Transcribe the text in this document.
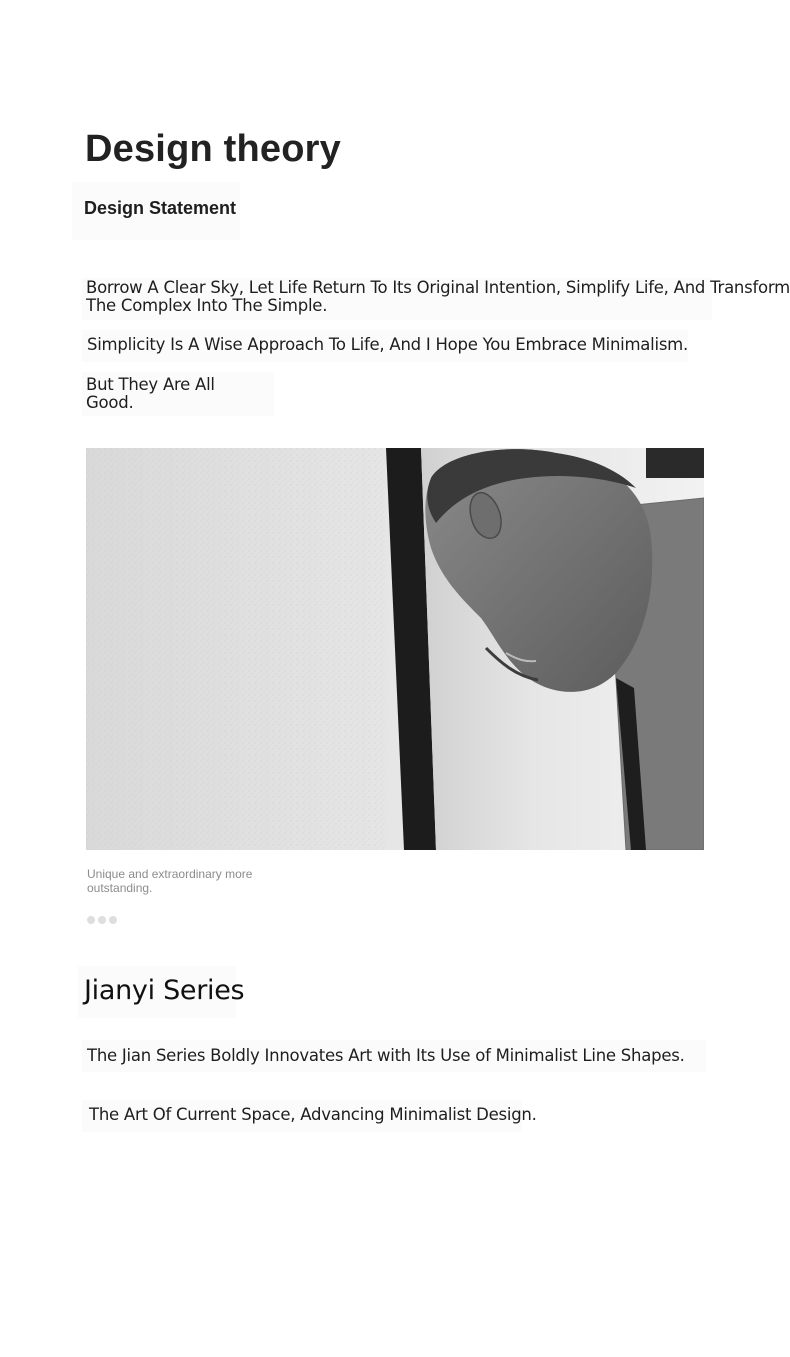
Design theory
Design Statement
Borrow A Clear Sky, Let Life Return To Its Original Intention, Simplify Life, And Transform The Complex Into The Simple.
Simplicity Is A Wise Approach To Life, And I Hope You Embrace Minimalism.
But They Are All Good.
Unique and extraordinary more outstanding.
Jianyi Series
The Jian Series Boldly Innovates Art with Its Use of Minimalist Line Shapes.
The Art Of Current Space, Advancing Minimalist Design.
